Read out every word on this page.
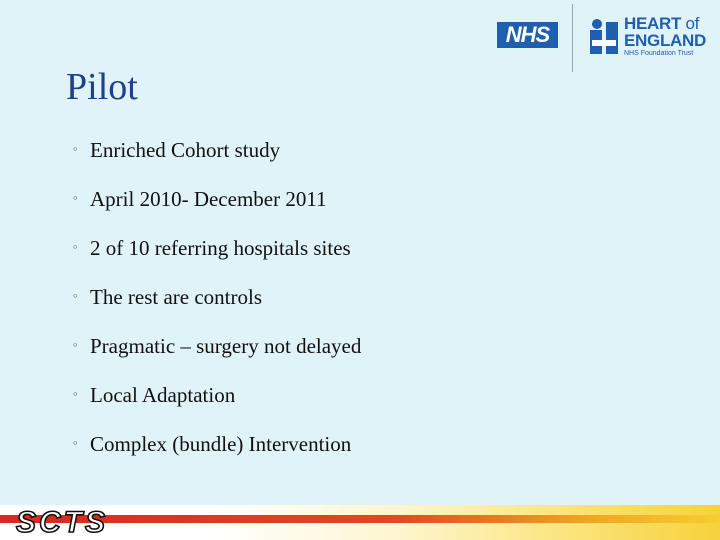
NHS	HEART of
ENGLAND
NHS Foundation Trust
Pilot
◦ Enriched Cohort study
◦ April 2010- December 2011
◦ 2 of 10 referring hospitals sites
◦ The rest are controls
◦ Pragmatic – surgery not delayed
◦ Local Adaptation
◦ Complex (bundle) Intervention
SCTS
